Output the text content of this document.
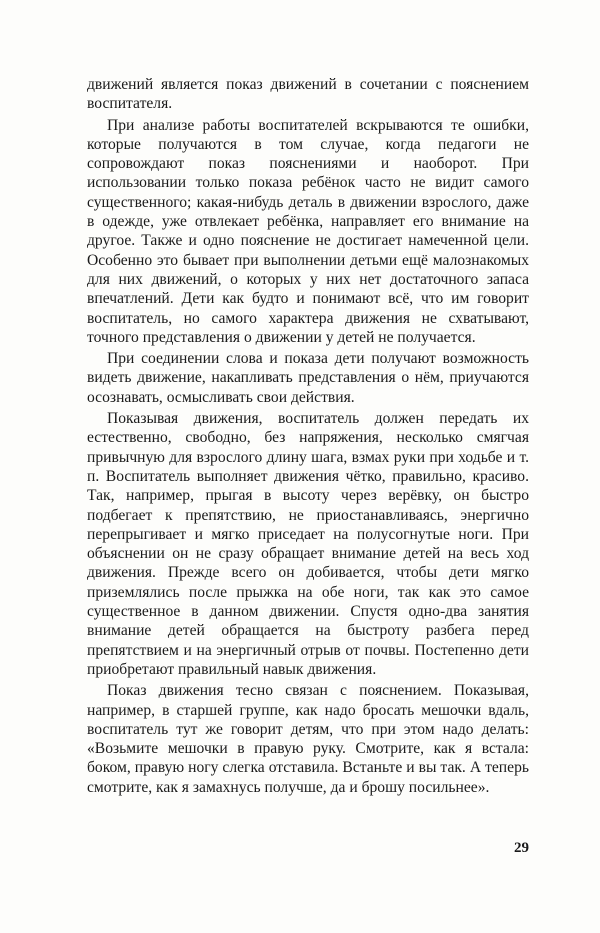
движений является показ движений в сочетании с пояснением воспитателя.

При анализе работы воспитателей вскрываются те ошибки, которые получаются в том случае, когда педагоги не сопровождают показ пояснениями и наоборот. При использовании только показа ребёнок часто не видит самого существенного; какая-нибудь деталь в движении взрослого, даже в одежде, уже отвлекает ребёнка, направляет его внимание на другое. Также и одно пояснение не достигает намеченной цели. Особенно это бывает при выполнении детьми ещё малознакомых для них движений, о которых у них нет достаточного запаса впечатлений. Дети как будто и понимают всё, что им говорит воспитатель, но самого характера движения не схватывают, точного представления о движении у детей не получается.

При соединении слова и показа дети получают возможность видеть движение, накапливать представления о нём, приучаются осознавать, осмысливать свои действия.

Показывая движения, воспитатель должен передать их естественно, свободно, без напряжения, несколько смягчая привычную для взрослого длину шага, взмах руки при ходьбе и т. п. Воспитатель выполняет движения чётко, правильно, красиво. Так, например, прыгая в высоту через верёвку, он быстро подбегает к препятствию, не приостанавливаясь, энергично перепрыгивает и мягко приседает на полусогнутые ноги. При объяснении он не сразу обращает внимание детей на весь ход движения. Прежде всего он добивается, чтобы дети мягко приземлялись после прыжка на обе ноги, так как это самое существенное в данном движении. Спустя одно-два занятия внимание детей обращается на быстроту разбега перед препятствием и на энергичный отрыв от почвы. Постепенно дети приобретают правильный навык движения.

Показ движения тесно связан с пояснением. Показывая, например, в старшей группе, как надо бросать мешочки вдаль, воспитатель тут же говорит детям, что при этом надо делать: «Возьмите мешочки в правую руку. Смотрите, как я встала: боком, правую ногу слегка отставила. Встаньте и вы так. А теперь смотрите, как я замахнусь получше, да и брошу посильнее».

29
